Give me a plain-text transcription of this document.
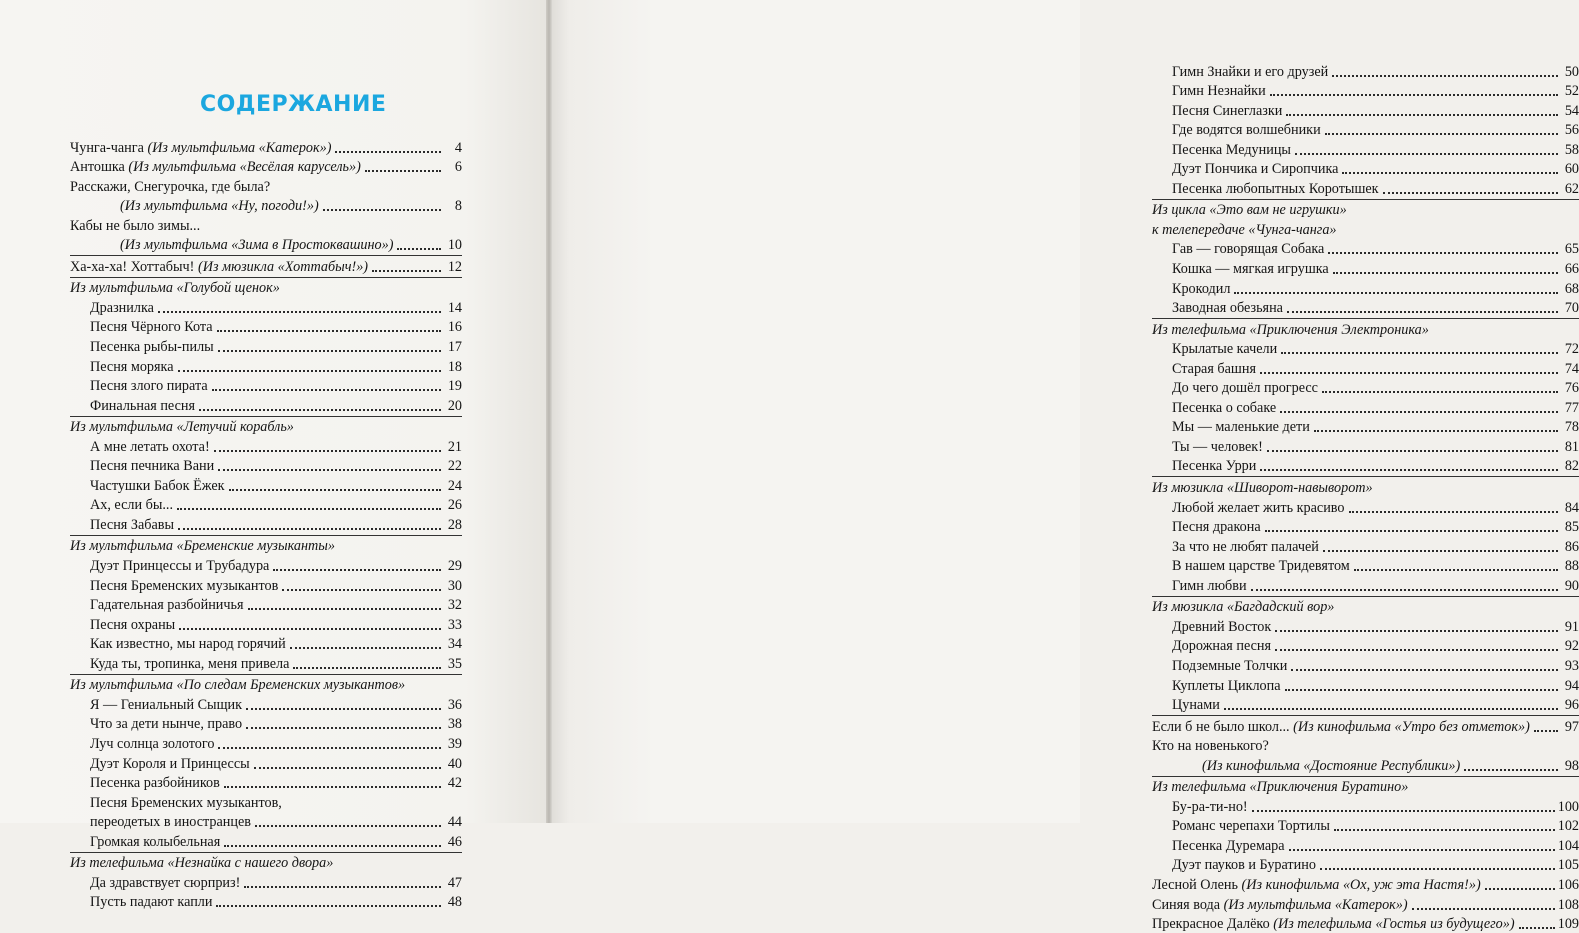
СОДЕРЖАНИЕ
Чунга-чанга (Из мультфильма «Катерок»)	4
Антошка (Из мультфильма «Весёлая карусель»)	6
Расскажи, Снегурочка, где была?
(Из мультфильма «Ну, погоди!»)	8
Кабы не было зимы...
(Из мультфильма «Зима в Простоквашино»)	10
Ха-ха-ха! Хоттабыч! (Из мюзикла «Хоттабыч!»)	12
Из мультфильма «Голубой щенок»
Дразнилка	14
Песня Чёрного Кота	16
Песенка рыбы-пилы	17
Песня моряка	18
Песня злого пирата	19
Финальная песня	20
Из мультфильма «Летучий корабль»
А мне летать охота!	21
Песня печника Вани	22
Частушки Бабок Ёжек	24
Ах, если бы...	26
Песня Забавы	28
Из мультфильма «Бременские музыканты»
Дуэт Принцессы и Трубадура	29
Песня Бременских музыкантов	30
Гадательная разбойничья	32
Песня охраны	33
Как известно, мы народ горячий	34
Куда ты, тропинка, меня привела	35
Из мультфильма «По следам Бременских музыкантов»
Я — Гениальный Сыщик	36
Что за дети нынче, право	38
Луч солнца золотого	39
Дуэт Короля и Принцессы	40
Песенка разбойников	42
Песня Бременских музыкантов,
переодетых в иностранцев	44
Громкая колыбельная	46
Из телефильма «Незнайка с нашего двора»
Да здравствует сюрприз!	47
Пусть падают капли	48
Гимн Знайки и его друзей	50
Гимн Незнайки	52
Песня Синеглазки	54
Где водятся волшебники	56
Песенка Медуницы	58
Дуэт Пончика и Сиропчика	60
Песенка любопытных Коротышек	62
Из цикла «Это вам не игрушки»
к телепередаче «Чунга-чанга»
Гав — говорящая Собака	65
Кошка — мягкая игрушка	66
Крокодил	68
Заводная обезьяна	70
Из телефильма «Приключения Электроника»
Крылатые качели	72
Старая башня	74
До чего дошёл прогресс	76
Песенка о собаке	77
Мы — маленькие дети	78
Ты — человек!	81
Песенка Урри	82
Из мюзикла «Шиворот-навыворот»
Любой желает жить красиво	84
Песня дракона	85
За что не любят палачей	86
В нашем царстве Тридевятом	88
Гимн любви	90
Из мюзикла «Багдадский вор»
Древний Восток	91
Дорожная песня	92
Подземные Толчки	93
Куплеты Циклопа	94
Цунами	96
Если б не было школ... (Из кинофильма «Утро без отметок») 97
Кто на новенького?
(Из кинофильма «Достояние Республики»)	98
Из телефильма «Приключения Буратино»
Бу-ра-ти-но!	100
Романс черепахи Тортилы	102
Песенка Дуремара	104
Дуэт пауков и Буратино	105
Лесной Олень (Из кинофильма «Ох, уж эта Настя!»)	106
Синяя вода (Из мультфильма «Катерок»)	108
Прекрасное Далёко (Из телефильма «Гостья из будущего»)	109
